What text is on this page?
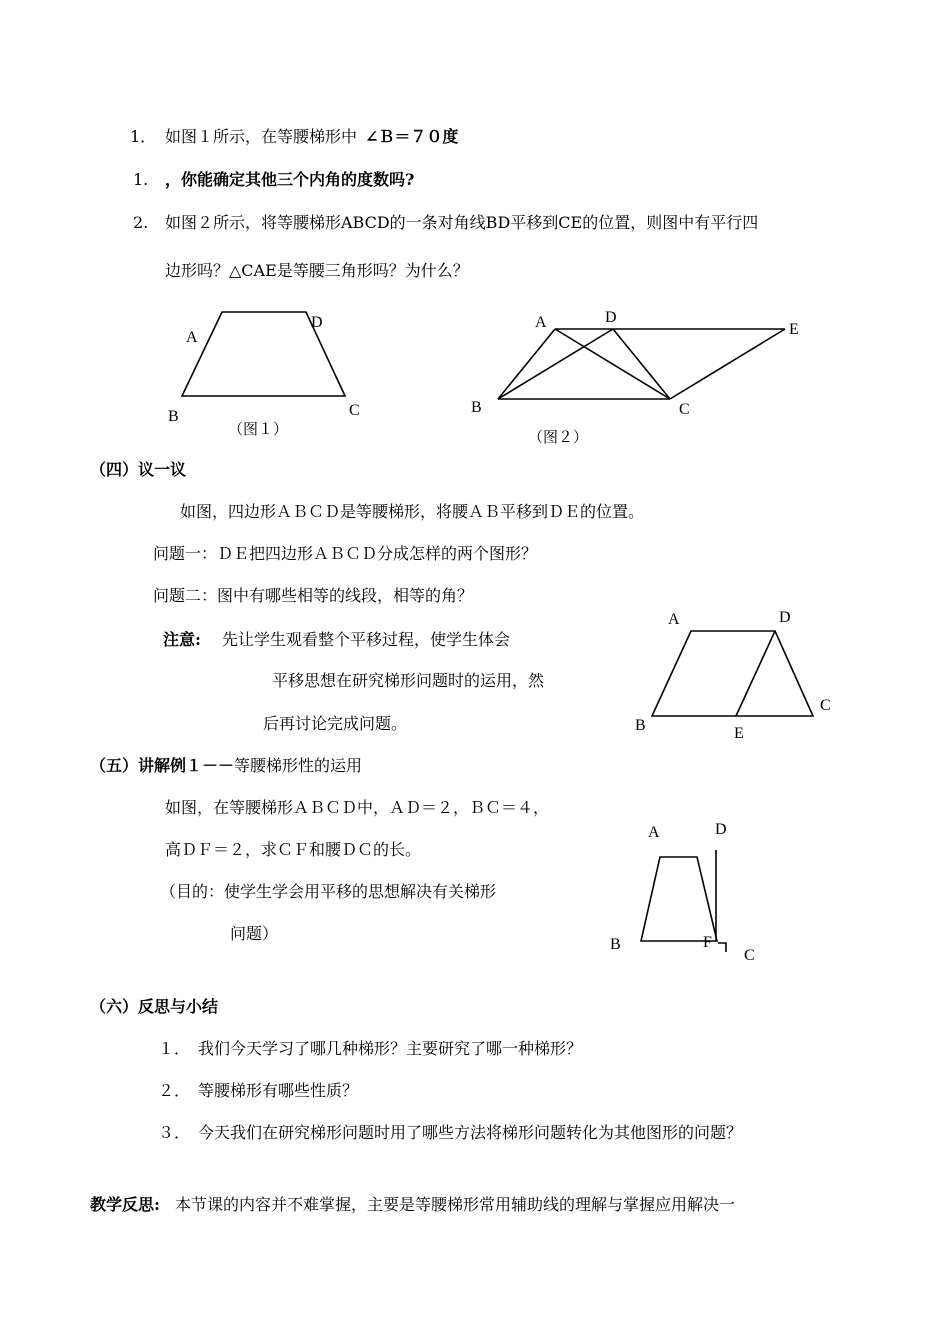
1． 如图１所示，在等腰梯形中 ∠Ｂ＝７０度
1. ，你能确定其他三个内角的度数吗?
2. 如图２所示，将等腰梯形ABCD的一条对角线BD平移到CE的位置，则图中有平行四
边形吗？△CAE是等腰三角形吗？为什么？
A
D
B	C
（图１）
A	D
E
B	C
（图２）
A	D
C
B	E
A	D
B	F
C
（四）议一议
如图，四边形ＡＢＣＤ是等腰梯形，将腰ＡＢ平移到ＤＥ的位置。
问题一：ＤＥ把四边形ＡＢＣＤ分成怎样的两个图形？
问题二：图中有哪些相等的线段，相等的角？
注意: 先让学生观看整个平移过程，使学生体会
平移思想在研究梯形问题时的运用，然
后再讨论完成问题。
（五）讲解例１－－等腰梯形性的运用
如图，在等腰梯形ＡＢＣＤ中，ＡＤ＝２，ＢＣ＝４，
高ＤＦ＝２，求ＣＦ和腰ＤＣ的长。
（目的：使学生学会用平移的思想解决有关梯形
问题）
（六）反思与小结
１． 我们今天学习了哪几种梯形？主要研究了哪一种梯形？
２． 等腰梯形有哪些性质？
３． 今天我们在研究梯形问题时用了哪些方法将梯形问题转化为其他图形的问题？
教学反思: 本节课的内容并不难掌握，主要是等腰梯形常用辅助线的理解与掌握应用解决一
